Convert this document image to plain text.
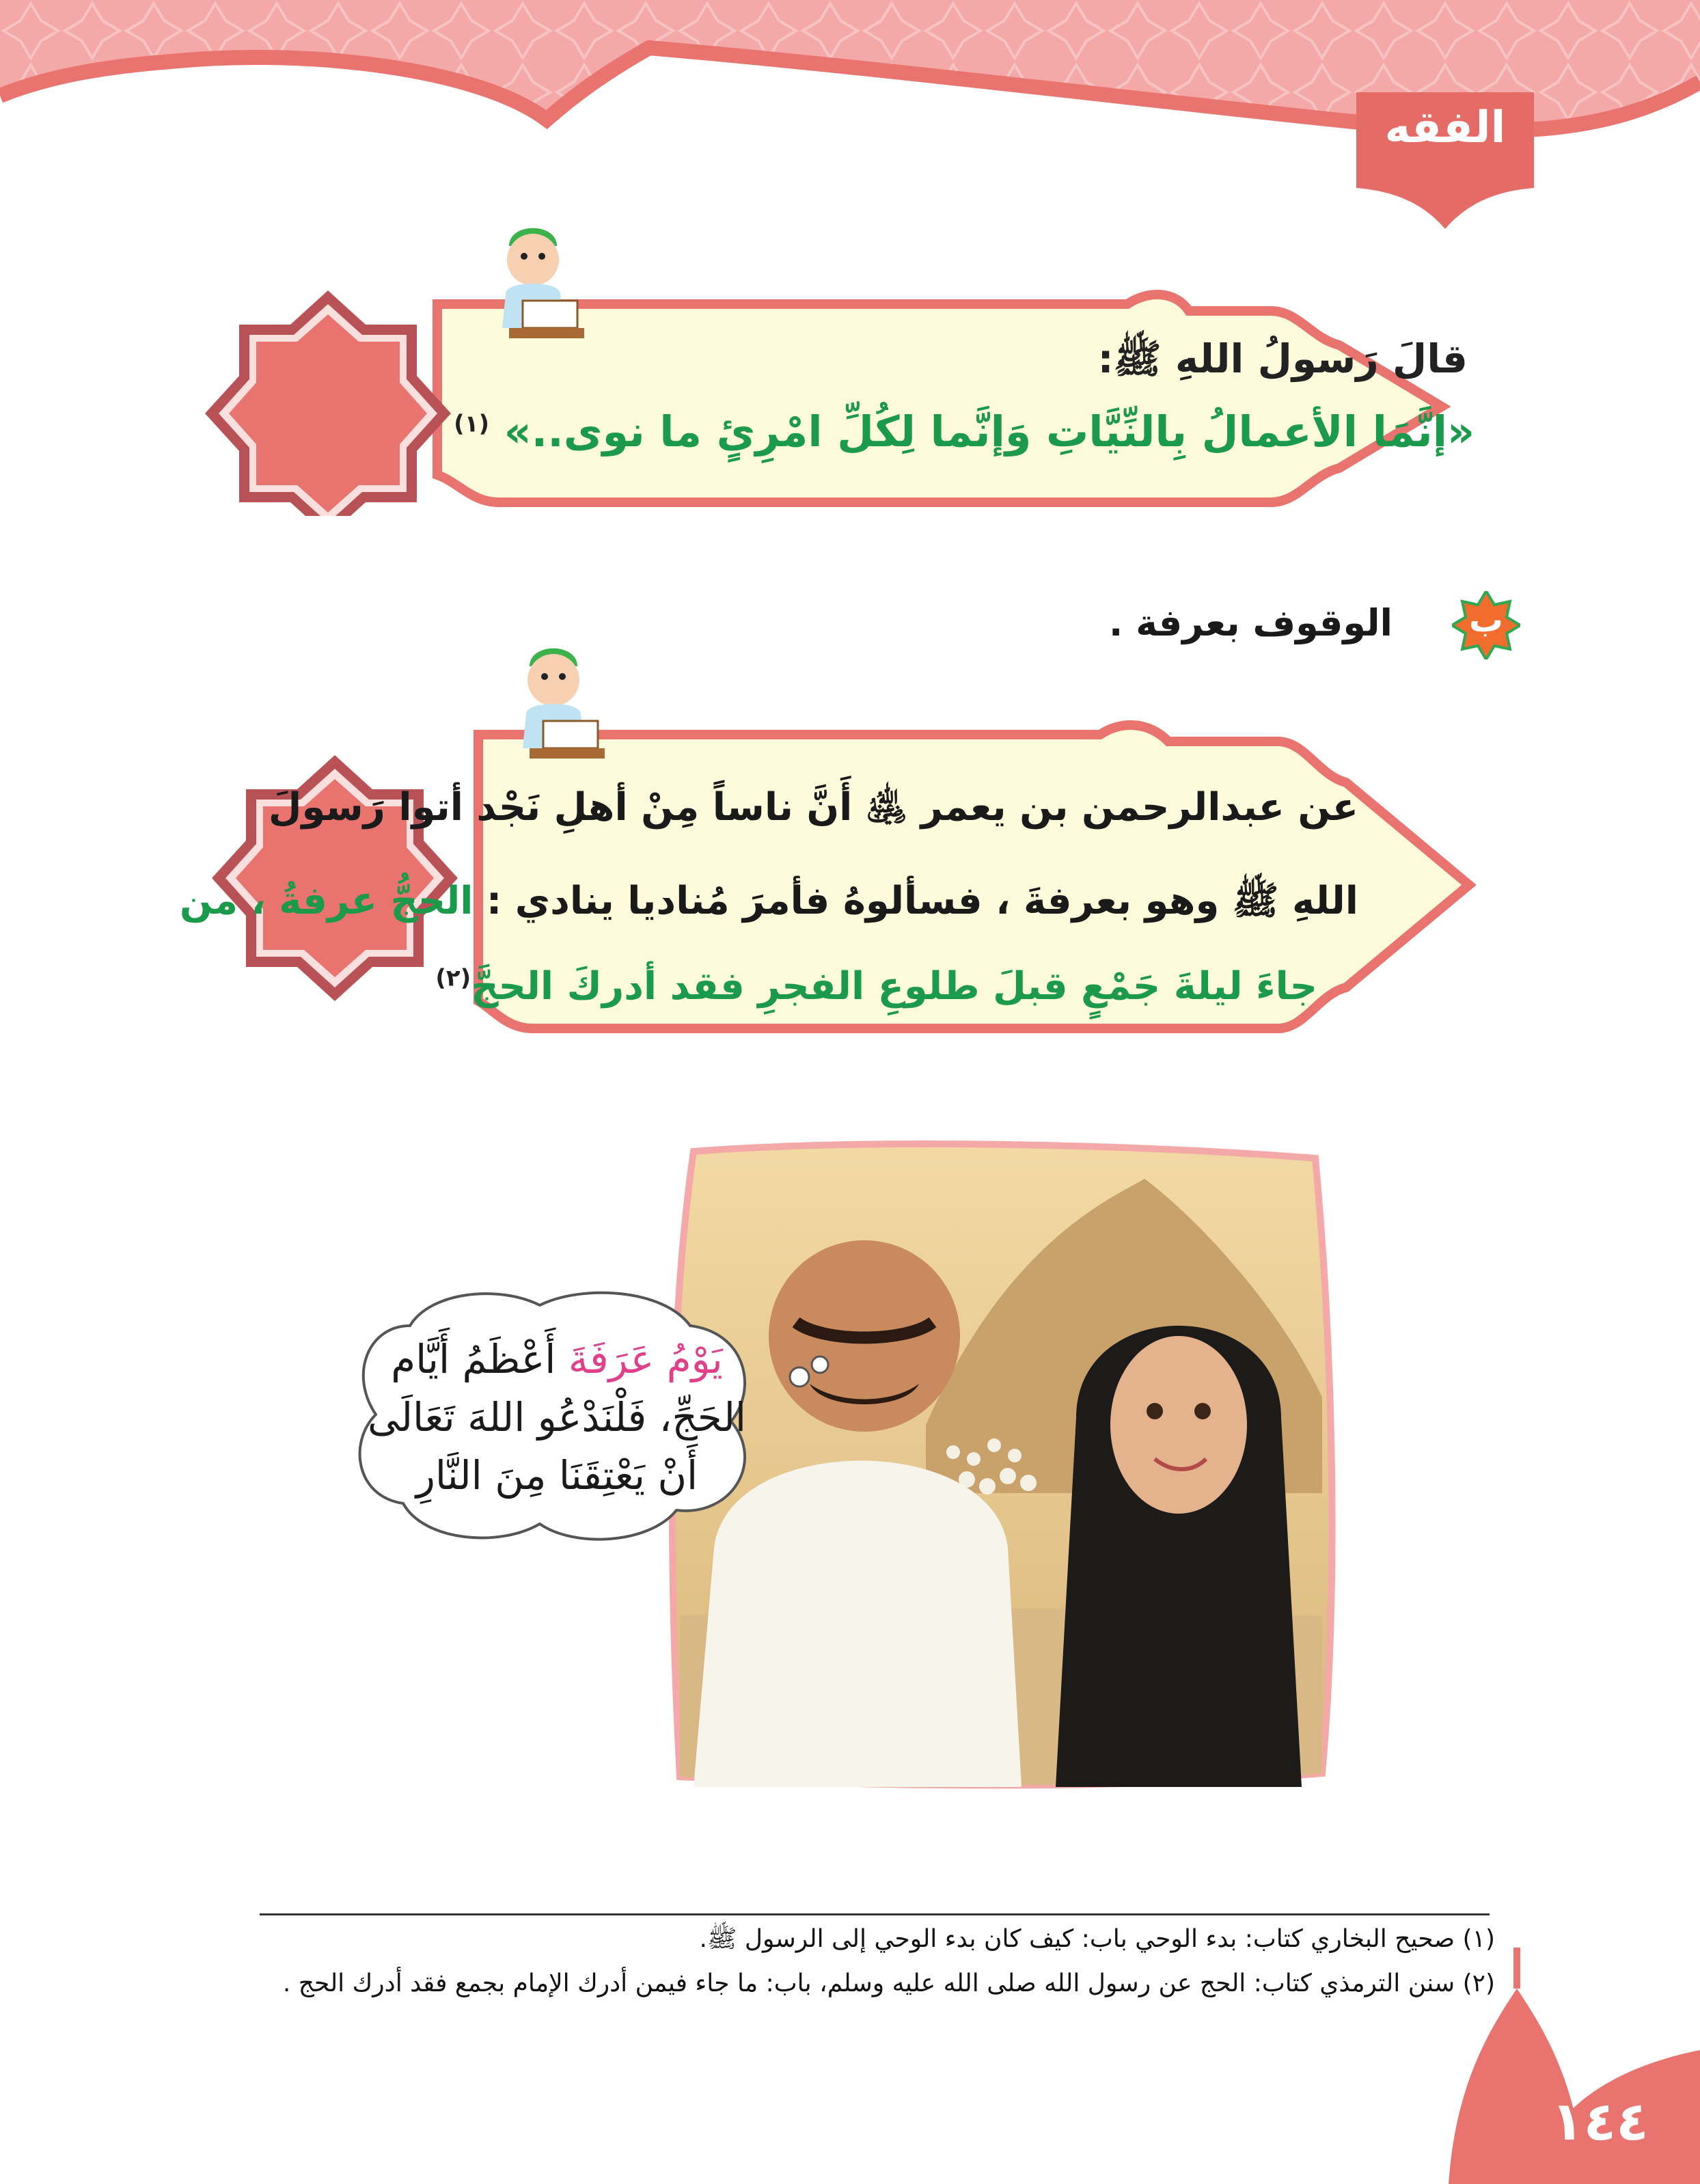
الفقه
قالَ رَسولُ اللهِ ﷺ:
«إنَّمَا الأعمالُ بِالنِّيَّاتِ وَإنَّما لِكُلِّ امْرِئٍ ما نوى..» $^{(١)}$
ب
الوقوف بعرفة .
عن عبدالرحمن بن يعمر ﵁ أَنَّ ناساً مِنْ أهلِ نَجْد أتوا رَسولَ
اللهِ ﷺ وهو بعرفةَ ، فسألوهُ فأمرَ مُناديا ينادي : الحجُّ عرفةُ ، من
جاءَ ليلةَ جَمْعٍ قبلَ طلوعِ الفجرِ فقد أدركَ الحجَّ$^{(٢)}$
يَوْمُ عَرَفَةَ أَعْظَمُ أَيَّام
الحَجِّ، فَلْنَدْعُو اللهَ تَعَالَى
أَنْ يَعْتِقَنَا مِنَ النَّارِ
(١) صحيح البخاري كتاب: بدء الوحي باب: كيف كان بدء الوحي إلى الرسول ﷺ.
(٢) سنن الترمذي كتاب: الحج عن رسول الله صلى الله عليه وسلم، باب: ما جاء فيمن أدرك الإمام بجمع فقد أدرك الحج .
١٤٤
